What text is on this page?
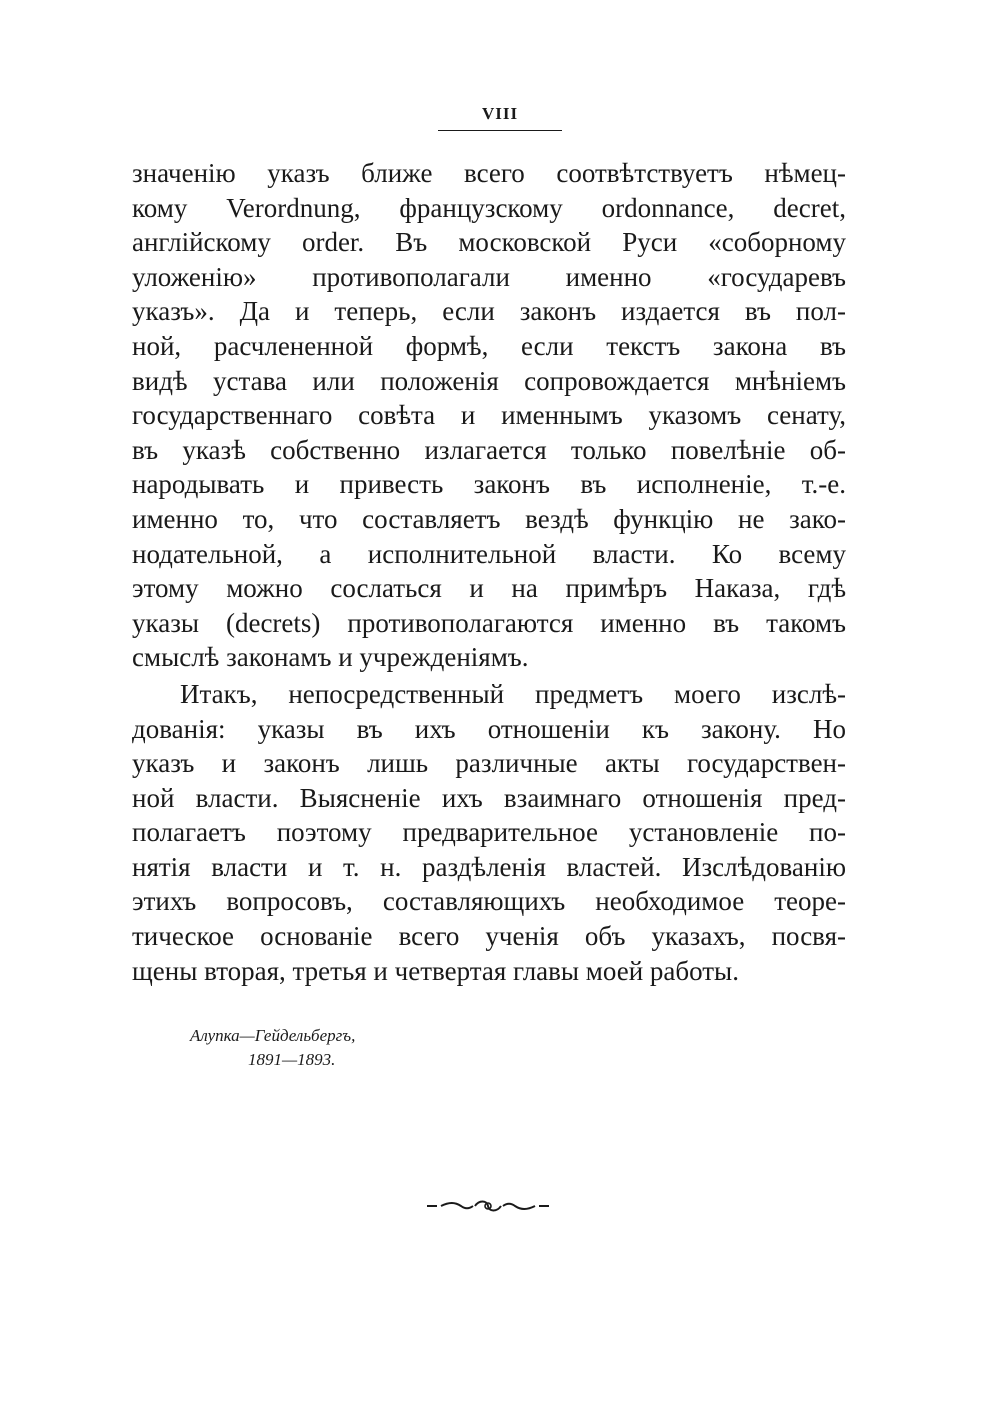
VIII
значенію указъ ближе всего соотвѣтствуетъ нѣмец-
кому Verordnung, французскому ordonnance, decret,
англійскому order. Въ московской Руси «соборному
уложенію» противополагали именно «государевъ
указъ». Да и теперь, если законъ издается въ пол-
ной, расчлененной формѣ, если текстъ закона въ
видѣ устава или положенія сопровождается мнѣніемъ
государственнаго совѣта и именнымъ указомъ сенату,
въ указѣ собственно излагается только повелѣніе об-
народывать и привесть законъ въ исполненіе, т.-е.
именно то, что составляетъ вездѣ функцію не зако-
нодательной, а исполнительной власти. Ко всему
этому можно сослаться и на примѣръ Наказа, гдѣ
указы (decrets) противополагаются именно въ такомъ
смыслѣ законамъ и учрежденіямъ.
Итакъ, непосредственный предметъ моего изслѣ-
дованія: указы въ ихъ отношеніи къ закону. Но
указъ и законъ лишь различные акты государствен-
ной власти. Выясненіе ихъ взаимнаго отношенія пред-
полагаетъ поэтому предварительное установленіе по-
нятія власти и т. н. раздѣленія властей. Изслѣдованію
этихъ вопросовъ, составляющихъ необходимое теоре-
тическое основаніе всего ученія объ указахъ, посвя-
щены вторая, третья и четвертая главы моей работы.
Алупка—Гейдельбергъ,
1891—1893.
